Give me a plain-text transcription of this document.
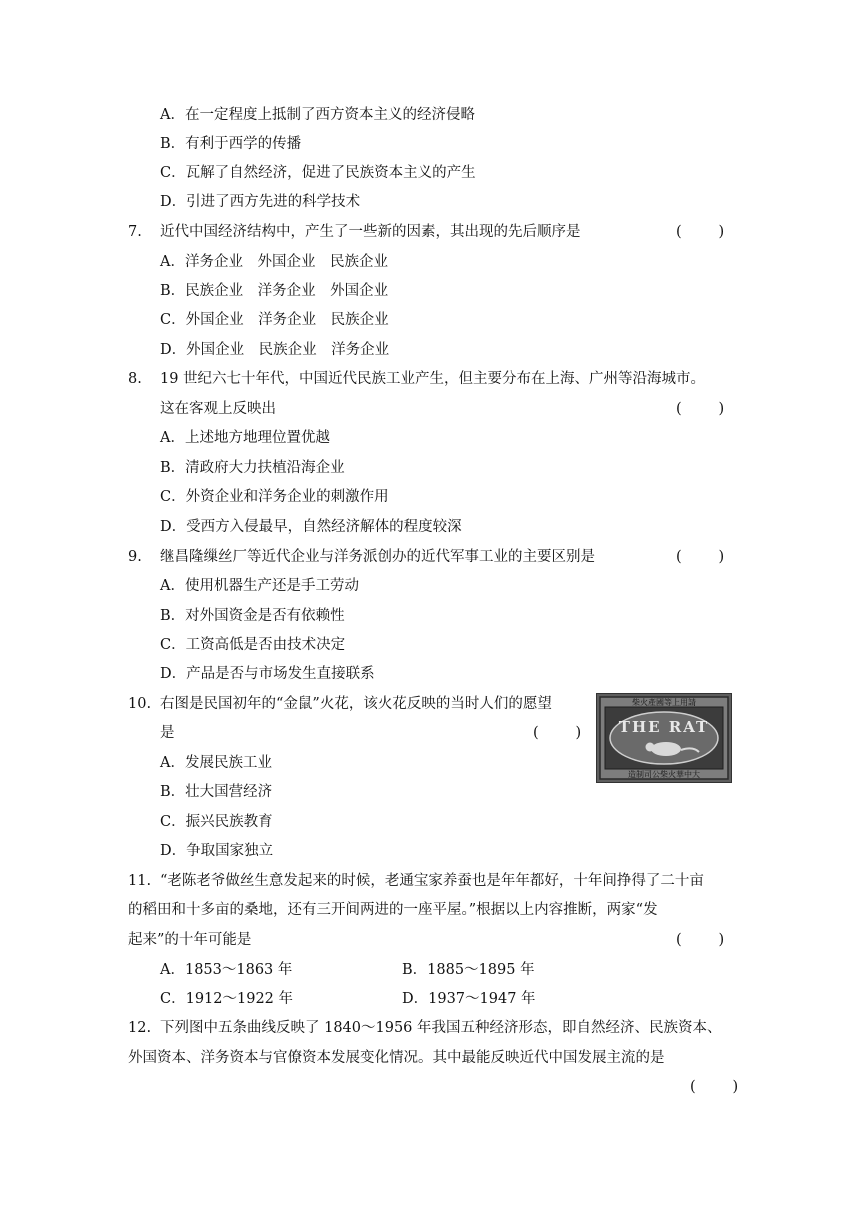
A．在一定程度上抵制了西方资本主义的经济侵略
B．有利于西学的传播
C．瓦解了自然经济，促进了民族资本主义的产生
D．引进了西方先进的科学技术
7. 近代中国经济结构中，产生了一些新的因素，其出现的先后顺序是	(        )
A．洋务企业　外国企业　民族企业
B．民族企业　洋务企业　外国企业
C．外国企业　洋务企业　民族企业
D．外国企业　民族企业　洋务企业
8. 19 世纪六七十年代，中国近代民族工业产生，但主要分布在上海、广州等沿海城市。
这在客观上反映出	(        )
A．上述地方地理位置优越
B．清政府大力扶植沿海企业
C．外资企业和洋务企业的刺激作用
D．受西方入侵最早，自然经济解体的程度较深
9. 继昌隆缫丝厂等近代企业与洋务派创办的近代军事工业的主要区别是	(        )
A．使用机器生产还是手工劳动
B．对外国资金是否有依赖性
C．工资高低是否由技术决定
D．产品是否与市场发生直接联系
10. 右图是民国初年的“金鼠”火花，该火花反映的当时人们的愿望
是	(        )
A．发展民族工业
B．壮大国营经济
C．振兴民族教育
D．争取国家独立
柴火產國等上用請
THE RAT
造制司公柴火華中大
11. “老陈老爷做丝生意发起来的时候，老通宝家养蚕也是年年都好，十年间挣得了二十亩
的稻田和十多亩的桑地，还有三开间两进的一座平屋。”根据以上内容推断，两家“发
起来”的十年可能是	(        )
A．1853～1863 年	B．1885～1895 年
C．1912～1922 年	D．1937～1947 年
12. 下列图中五条曲线反映了 1840～1956 年我国五种经济形态，即自然经济、民族资本、
外国资本、洋务资本与官僚资本发展变化情况。其中最能反映近代中国发展主流的是
(        )
